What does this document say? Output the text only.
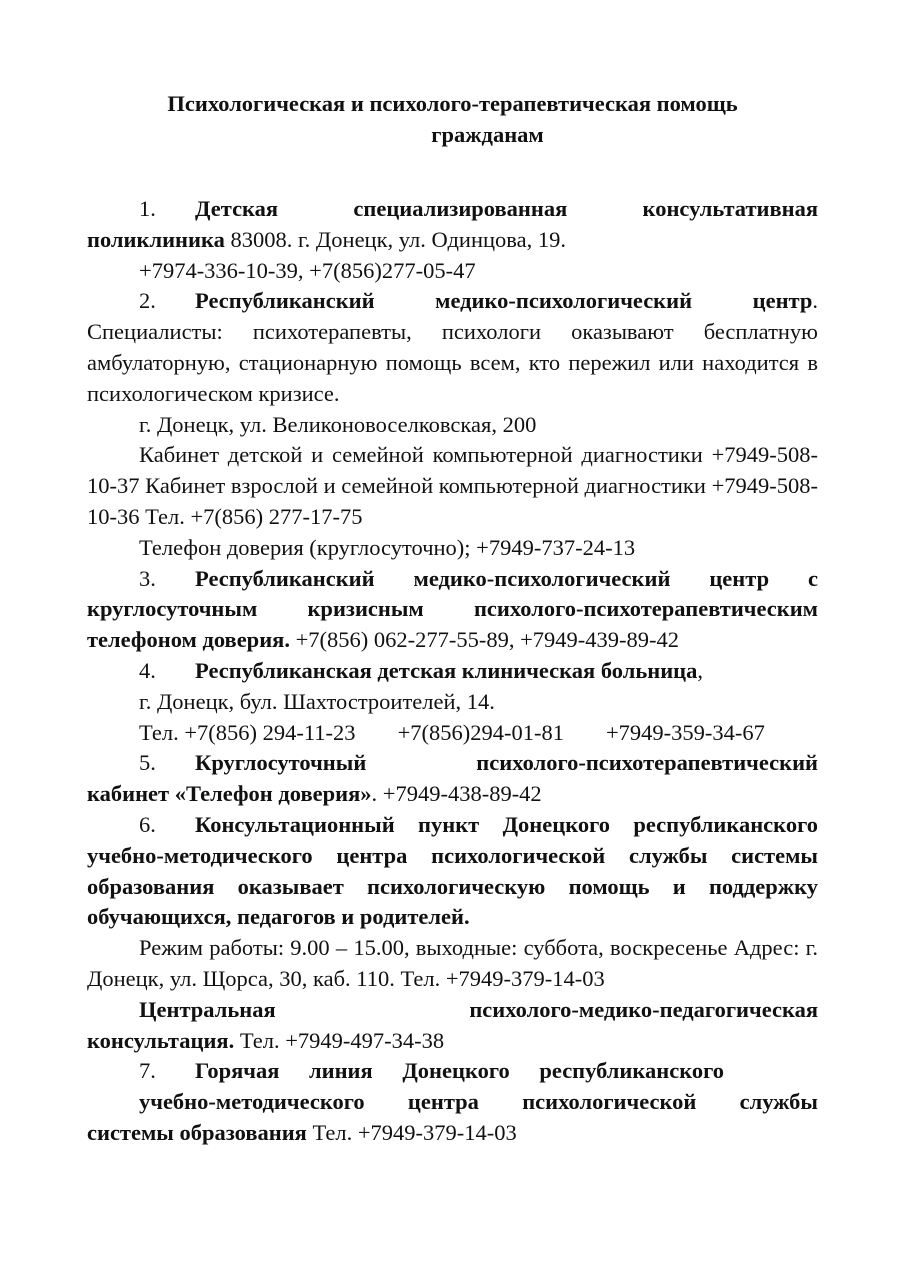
Психологическая и психолого-терапевтическая помощь
гражданам

1. Детская специализированная консультативная

поликлиника 83008. г. Донецк, ул. Одинцова, 19.

+7974-336-10-39, +7(856)277-05-47

2. Республиканский медико-психологический центр.

Специалисты: психотерапевты, психологи оказывают бесплатную амбулаторную, стационарную помощь всем, кто пережил или находится в психологическом кризисе.

г. Донецк, ул. Великоновоселковская, 200

Кабинет детской и семейной компьютерной диагностики +7949-508-10-37 Кабинет взрослой и семейной компьютерной диагностики +7949-508-10-36 Тел. +7(856) 277-17-75

Телефон доверия (круглосуточно); +7949-737-24-13

3. Республиканский медико-психологический центр с круглосуточным кризисным психолого-психотерапевтическим телефоном доверия. +7(856) 062-277-55-89, +7949-439-89-42

4. Республиканская детская клиническая больница,

г. Донецк, бул. Шахтостроителей, 14.

Тел. +7(856) 294-11-23 +7(856)294-01-81 +7949-359-34-67

5. Круглосуточный психолого-психотерапевтический

кабинет «Телефон доверия». +7949-438-89-42

6. Консультационный пункт Донецкого республиканского учебно-методического центра психологической службы системы образования оказывает психологическую помощь и поддержку обучающихся, педагогов и родителей.

Режим работы: 9.00 – 15.00, выходные: суббота, воскресенье Адрес: г. Донецк, ул. Щорса, 30, каб. 110. Тел. +7949-379-14-03

Центральная психолого-медико-педагогическая

консультация. Тел. +7949-497-34-38

7. Горячая линия Донецкого республиканского

учебно-методического центра психологической службы

системы образования Тел. +7949-379-14-03
